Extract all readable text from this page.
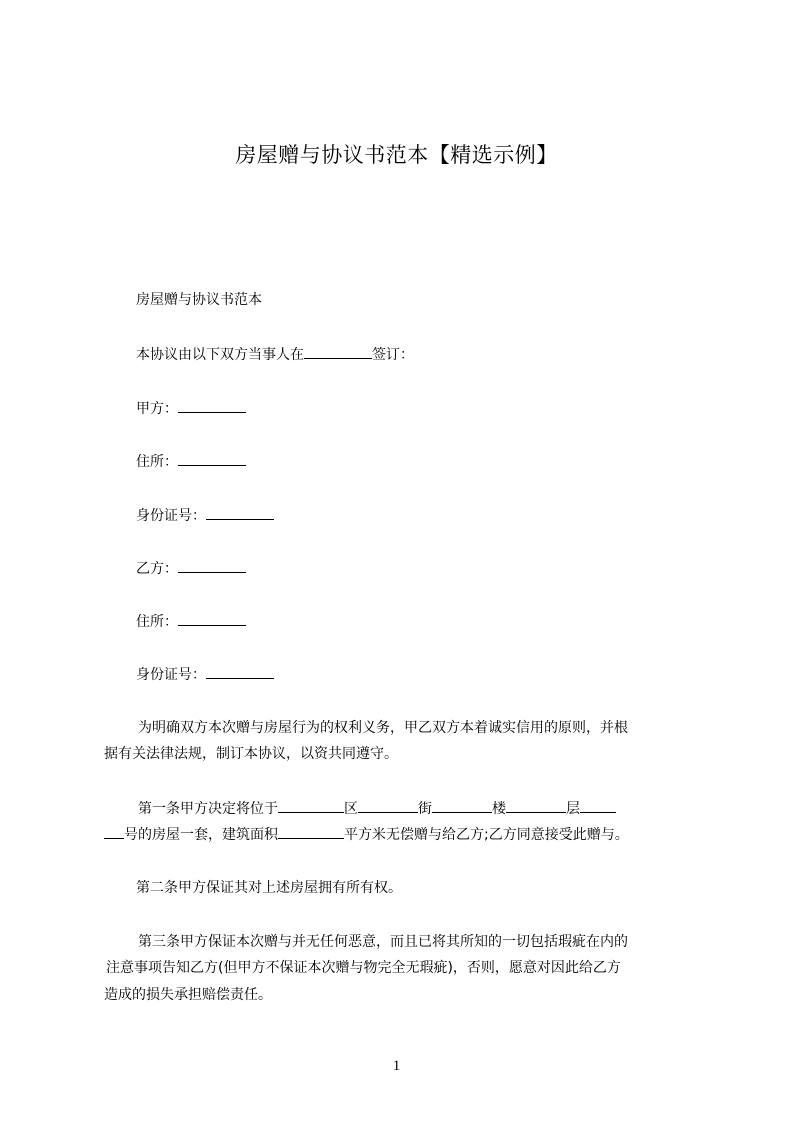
房屋赠与协议书范本【精选示例】
房屋赠与协议书范本
本协议由以下双方当事人在	签订：
甲方：
住所：
身份证号：
乙方：
住所：
身份证号：
为明确双方本次赠与房屋行为的权利义务，甲乙双方本着诚实信用的原则，并根
据有关法律法规，制订本协议，以资共同遵守。
第一条甲方决定将位于	区	街	楼	层
号的房屋一套，建筑面积	平方米无偿赠与给乙方;乙方同意接受此赠与。
第二条甲方保证其对上述房屋拥有所有权。
第三条甲方保证本次赠与并无任何恶意，而且已将其所知的一切包括瑕疵在内的
注意事项告知乙方(但甲方不保证本次赠与物完全无瑕疵)，否则，愿意对因此给乙方
造成的损失承担赔偿责任。
1
